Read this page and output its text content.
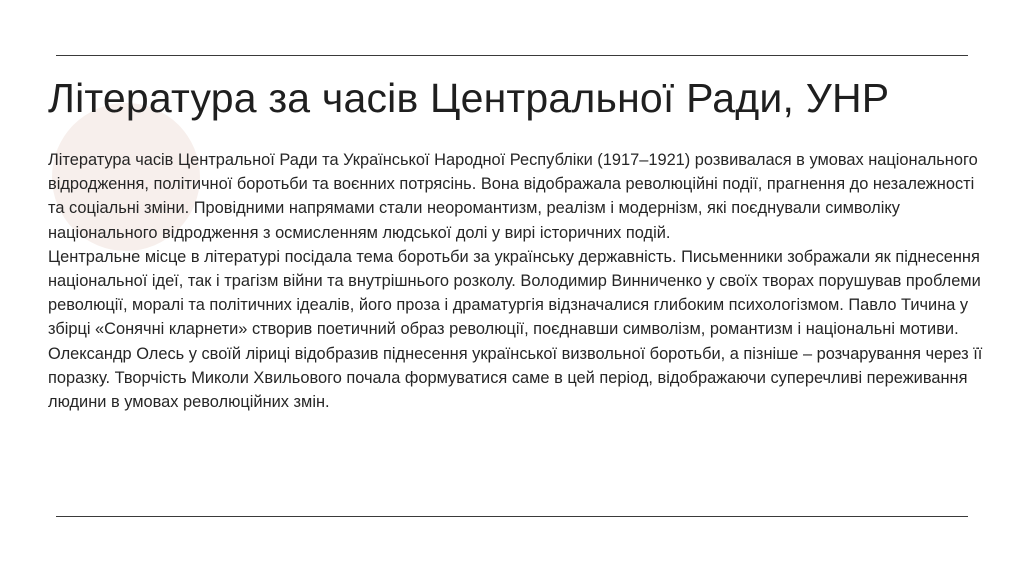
Література за часів Центральної Ради, УНР

Література часів Центральної Ради та Української Народної Республіки (1917–1921) розвивалася в умовах національного відродження, політичної боротьби та воєнних потрясінь. Вона відображала революційні події, прагнення до незалежності та соціальні зміни. Провідними напрямами стали неоромантизм, реалізм і модернізм, які поєднували символіку національного відродження з осмисленням людської долі у вирі історичних подій.

Центральне місце в літературі посідала тема боротьби за українську державність. Письменники зображали як піднесення національної ідеї, так і трагізм війни та внутрішнього розколу. Володимир Винниченко у своїх творах порушував проблеми революції, моралі та політичних ідеалів, його проза і драматургія відзначалися глибоким психологізмом. Павло Тичина у збірці «Сонячні кларнети» створив поетичний образ революції, поєднавши символізм, романтизм і національні мотиви. Олександр Олесь у своїй ліриці відобразив піднесення української визвольної боротьби, а пізніше – розчарування через її поразку. Творчість Миколи Хвильового почала формуватися саме в цей період, відображаючи суперечливі переживання людини в умовах революційних змін.
